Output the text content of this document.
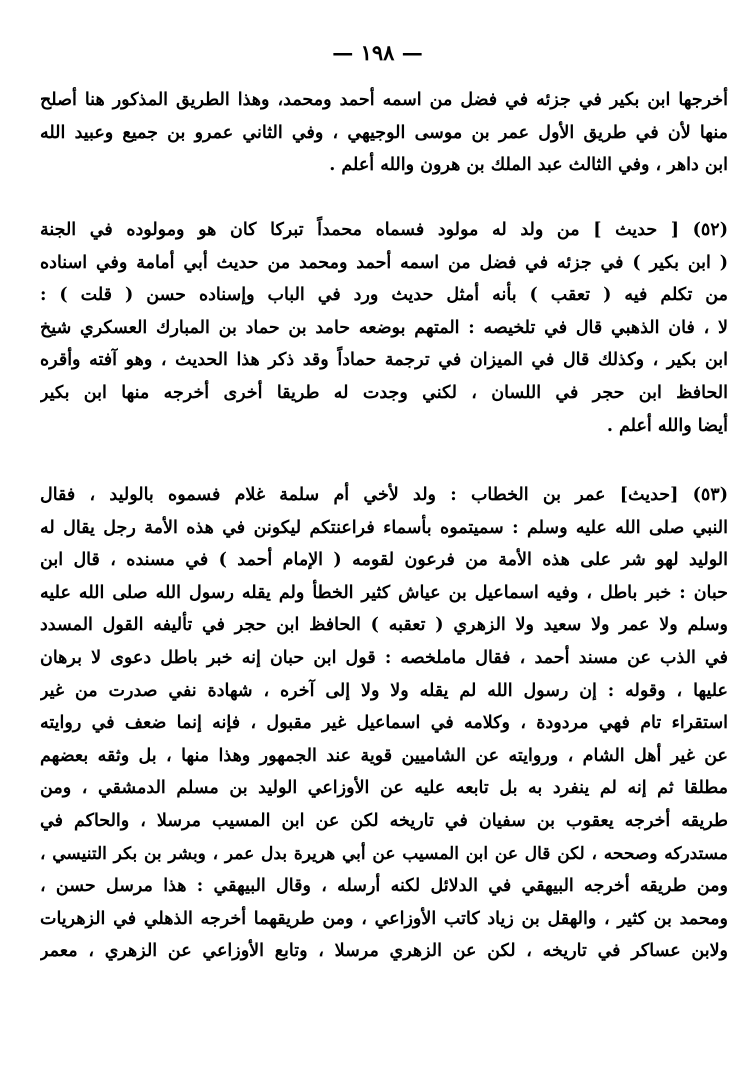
— ۱۹۸ —
أخرجها ابن بكير في جزئه في فضل من اسمه أحمد ومحمد، وهذا الطريق المذكور هنا أصلح
منها لأن في طريق الأول عمر بن موسى الوجيهي ، وفي الثاني عمرو بن جميع وعبيد الله
ابن داهر ، وفي الثالث عبد الملك بن هرون والله أعلم .
(٥٢) [ حديث ] من ولد له مولود فسماه محمداً تبركا كان هو ومولوده في الجنة
( ابن بكير ) في جزئه في فضل من اسمه أحمد ومحمد من حديث أبي أمامة وفي اسناده
من تكلم فيه ( تعقب ) بأنه أمثل حديث ورد في الباب وإسناده حسن ( قلت ) :
لا ، فان الذهبي قال في تلخيصه : المتهم بوضعه حامد بن حماد بن المبارك العسكري شيخ
ابن بكير ، وكذلك قال في الميزان في ترجمة حماداً وقد ذكر هذا الحديث ، وهو آفته وأقره
الحافظ ابن حجر في اللسان ، لكني وجدت له طريقا أخرى أخرجه منها ابن بكير
أيضا والله أعلم .
(٥٣) [حديث] عمر بن الخطاب : ولد لأخي أم سلمة غلام فسموه بالوليد ، فقال
النبي صلى الله عليه وسلم : سميتموه بأسماء فراعنتكم ليكونن في هذه الأمة رجل يقال له
الوليد لهو شر على هذه الأمة من فرعون لقومه ( الإمام أحمد ) في مسنده ، قال ابن
حبان : خبر باطل ، وفيه اسماعيل بن عياش كثير الخطأ ولم يقله رسول الله صلى الله عليه
وسلم ولا عمر ولا سعيد ولا الزهري ( تعقبه ) الحافظ ابن حجر في تأليفه القول المسدد
في الذب عن مسند أحمد ، فقال ماملخصه : قول ابن حبان إنه خبر باطل دعوى لا برهان
عليها ، وقوله : إن رسول الله لم يقله ولا ولا إلى آخره ، شهادة نفي صدرت من غير
استقراء تام فهي مردودة ، وكلامه في اسماعيل غير مقبول ، فإنه إنما ضعف في روايته
عن غير أهل الشام ، وروايته عن الشاميين قوية عند الجمهور وهذا منها ، بل وثقه بعضهم
مطلقا ثم إنه لم ينفرد به بل تابعه عليه عن الأوزاعي الوليد بن مسلم الدمشقي ، ومن
طريقه أخرجه يعقوب بن سفيان في تاريخه لكن عن ابن المسيب مرسلا ، والحاكم في
مستدركه وصححه ، لكن قال عن ابن المسيب عن أبي هريرة بدل عمر ، وبشر بن بكر التنيسي ،
ومن طريقه أخرجه البيهقي في الدلائل لكنه أرسله ، وقال البيهقي : هذا مرسل حسن ،
ومحمد بن كثير ، والهقل بن زياد كاتب الأوزاعي ، ومن طريقهما أخرجه الذهلي في الزهريات
ولابن عساكر في تاريخه ، لكن عن الزهري مرسلا ، وتابع الأوزاعي عن الزهري ، معمر
